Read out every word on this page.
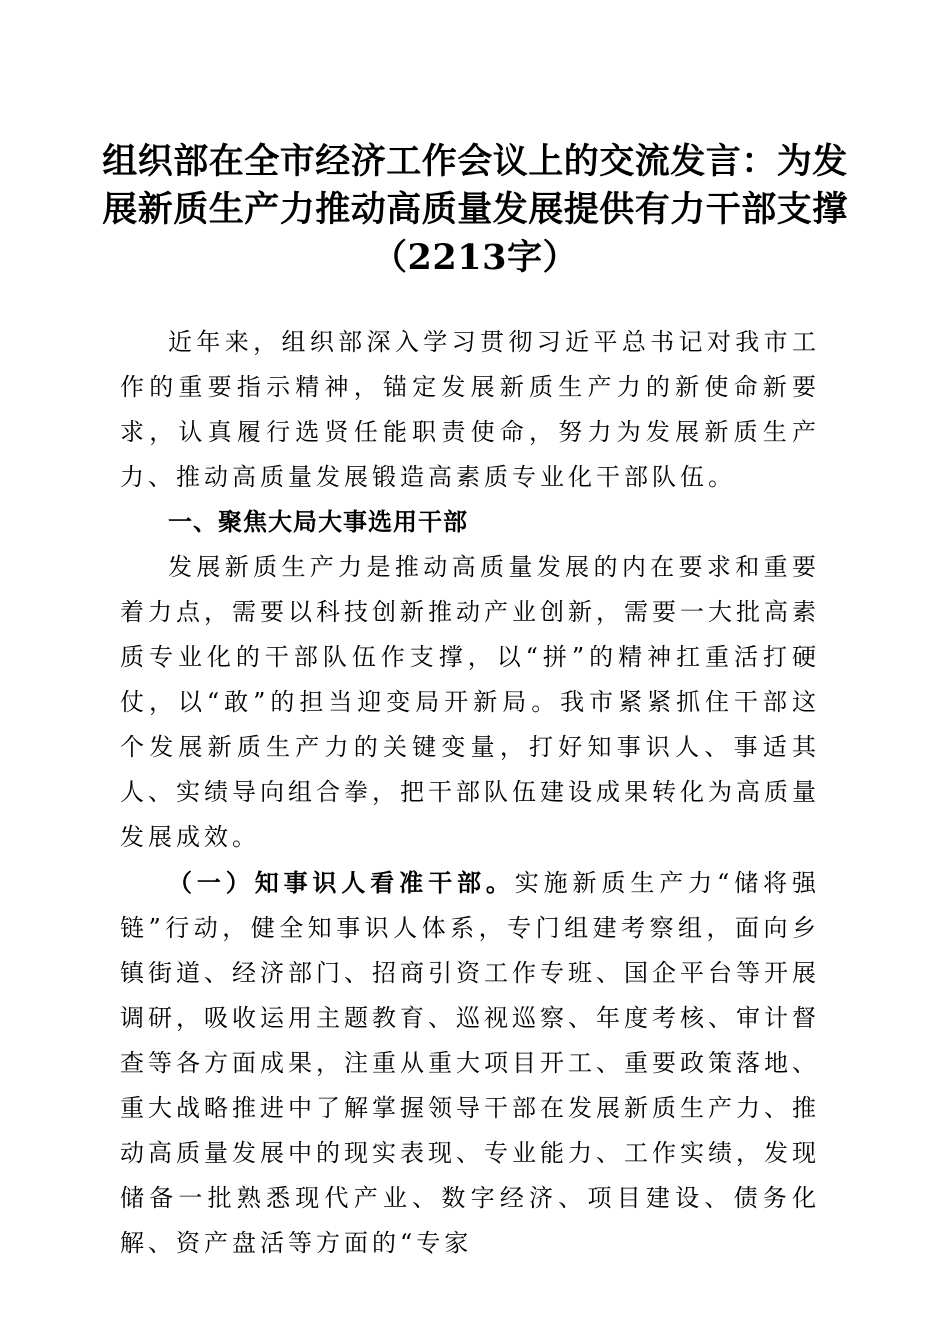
组织部在全市经济工作会议上的交流发言：为发展新质生产力推动高质量发展提供有力干部支撑（2213字）

近年来，组织部深入学习贯彻习近平总书记对我市工作的重要指示精神，锚定发展新质生产力的新使命新要求，认真履行选贤任能职责使命，努力为发展新质生产力、推动高质量发展锻造高素质专业化干部队伍。

一、聚焦大局大事选用干部

发展新质生产力是推动高质量发展的内在要求和重要着力点，需要以科技创新推动产业创新，需要一大批高素质专业化的干部队伍作支撑，以“拼”的精神扛重活打硬仗，以“敢”的担当迎变局开新局。我市紧紧抓住干部这个发展新质生产力的关键变量，打好知事识人、事适其人、实绩导向组合拳，把干部队伍建设成果转化为高质量发展成效。

（一）知事识人看准干部。实施新质生产力“储将强链”行动，健全知事识人体系，专门组建考察组，面向乡镇街道、经济部门、招商引资工作专班、国企平台等开展调研，吸收运用主题教育、巡视巡察、年度考核、审计督查等各方面成果，注重从重大项目开工、重要政策落地、重大战略推进中了解掌握领导干部在发展新质生产力、推动高质量发展中的现实表现、专业能力、工作实绩，发现储备一批熟悉现代产业、数字经济、项目建设、债务化解、资产盘活等方面的“专家
